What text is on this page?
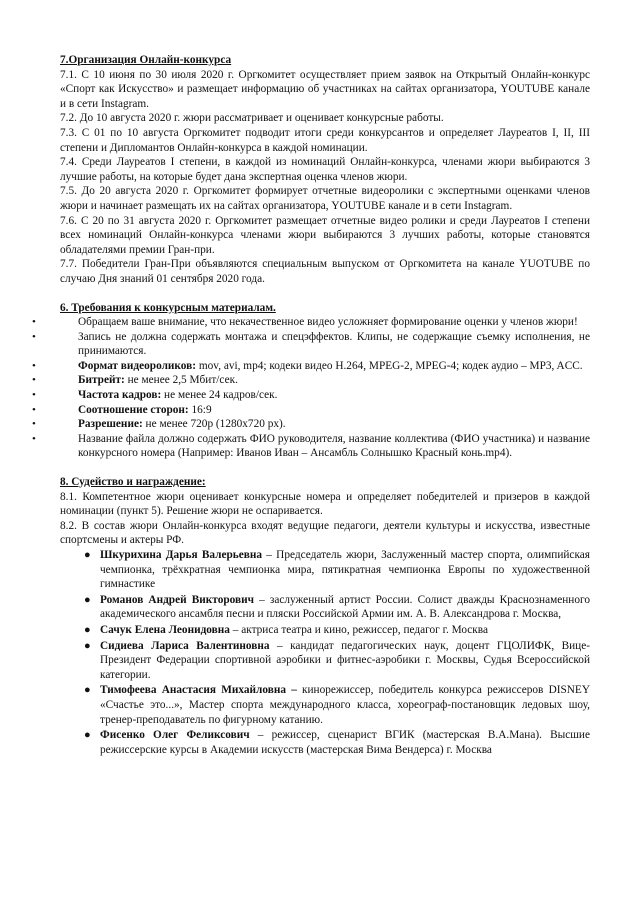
7.Организация Онлайн-конкурса

7.1. С 10 июня по 30 июля 2020 г. Оргкомитет осуществляет прием заявок на Открытый Онлайн-конкурс «Спорт как Искусство» и размещает информацию об участниках на сайтах организатора, YOUTUBE канале и в сети Instagram.

7.2. До 10 августа 2020 г. жюри рассматривает и оценивает конкурсные работы.

7.3. С 01 по 10 августа Оргкомитет подводит итоги среди конкурсантов и определяет Лауреатов I, II, III степени и Дипломантов Онлайн-конкурса в каждой номинации.

7.4. Среди Лауреатов I степени, в каждой из номинаций Онлайн-конкурса, членами жюри выбираются 3 лучшие работы, на которые будет дана экспертная оценка членов жюри.

7.5. До 20 августа 2020 г. Оргкомитет формирует отчетные видеоролики с экспертными оценками членов жюри и начинает размещать их на сайтах организатора, YOUTUBE канале и в сети Instagram.

7.6. С 20 по 31 августа 2020 г. Оргкомитет размещает отчетные видео ролики и среди Лауреатов I степени всех номинаций Онлайн-конкурса членами жюри выбираются 3 лучших работы, которые становятся обладателями премии Гран-при.

7.7. Победители Гран-При объявляются специальным выпуском от Оргкомитета на канале YUOTUBE по случаю Дня знаний 01 сентября 2020 года.

6. Требования к конкурсным материалам.
•	Обращаем ваше внимание, что некачественное видео усложняет формирование оценки у членов жюри!
•	Запись не должна содержать монтажа и спецэффектов. Клипы, не содержащие съемку исполнения, не принимаются.
•	Формат видеороликов: mov, avi, mp4; кодеки видео H.264, MPEG-2, MPEG-4; кодек аудио – MP3, ACC.
•	Битрейт: не менее 2,5 Мбит/сек.
•	Частота кадров: не менее 24 кадров/сек.
•	Соотношение сторон: 16:9
•	Разрешение: не менее 720p (1280x720 px).
•	Название файла должно содержать ФИО руководителя, название коллектива (ФИО участника) и название конкурсного номера (Например: Иванов Иван – Ансамбль Солнышко Красный конь.mp4).
8. Судейство и награждение:

8.1. Компетентное жюри оценивает конкурсные номера и определяет победителей и призеров в каждой номинации (пункт 5). Решение жюри не оспаривается.

8.2. В состав жюри Онлайн-конкурса входят ведущие педагоги, деятели культуры и искусства, известные спортсмены и актеры РФ.

● Шкурихина Дарья Валерьевна – Председатель жюри, Заслуженный мастер спорта, олимпийская чемпионка, трёхкратная чемпионка мира, пятикратная чемпионка Европы по художественной гимнастике
● Романов Андрей Викторович – заслуженный артист России. Солист дважды Краснознаменного академического ансамбля песни и пляски Российской Армии им. А. В. Александрова г. Москва,
● Сачук Елена Леонидовна – актриса театра и кино, режиссер, педагог г. Москва
● Сидиева Лариса Валентиновна – кандидат педагогических наук, доцент ГЦОЛИФК, Вице-Президент Федерации спортивной аэробики и фитнес-аэробики г. Москвы, Судья Всероссийской категории.
● Тимофеева Анастасия Михайловна – кинорежиссер, победитель конкурса режиссеров DISNEY «Счастье это...», Мастер спорта международного класса, хореограф-постановщик ледовых шоу, тренер-преподаватель по фигурному катанию.
● Фисенко Олег Феликсович – режиссер, сценарист ВГИК (мастерская В.А.Мана). Высшие режиссерские курсы в Академии искусств (мастерская Вима Вендерса) г. Москва
